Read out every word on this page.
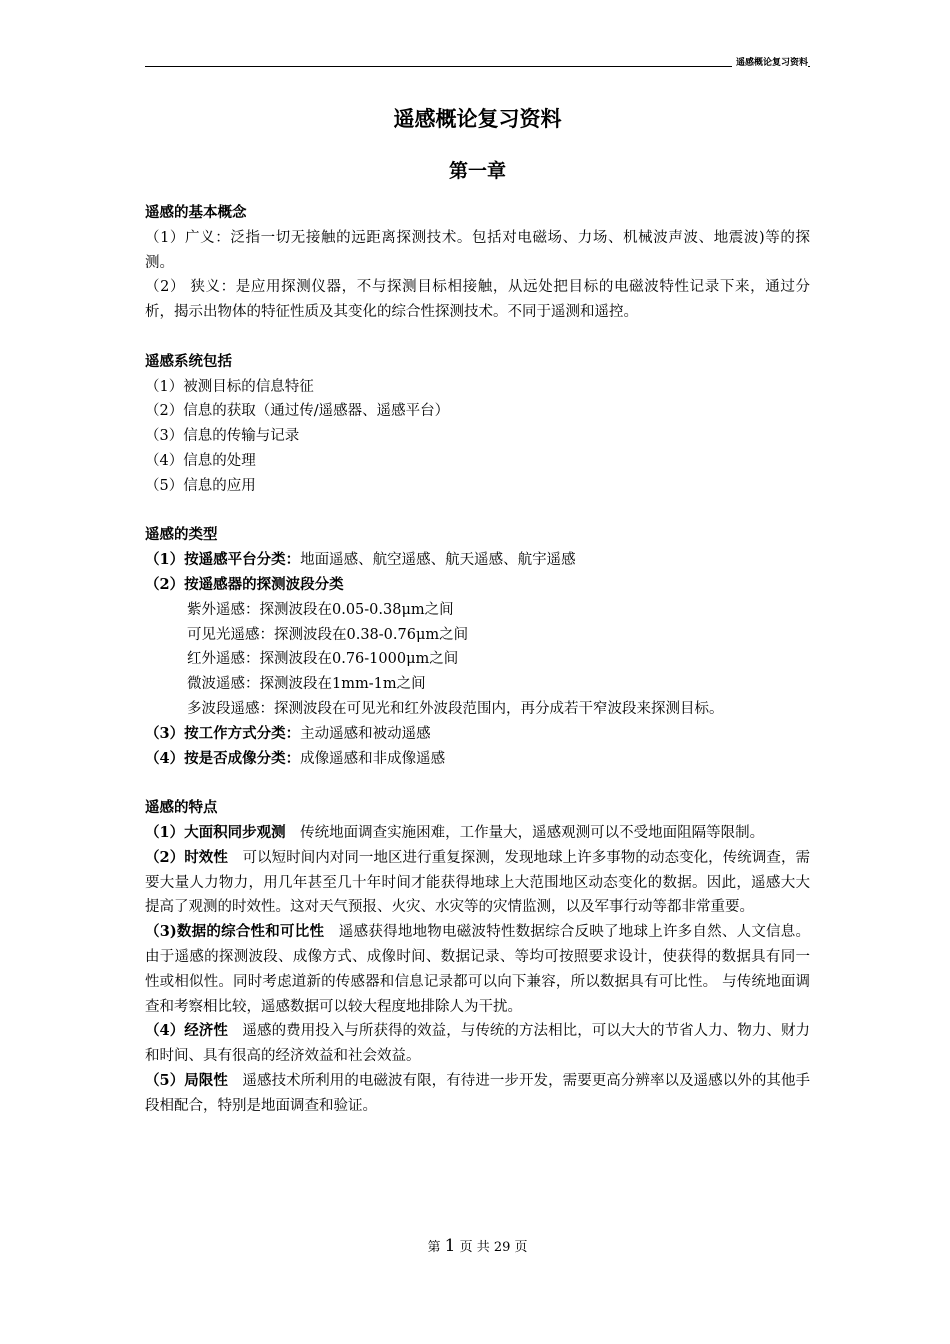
遥感概论复习资料
遥感概论复习资料
第一章

遥感的基本概念

（1）广义：泛指一切无接触的远距离探测技术。包括对电磁场、力场、机械波声波、地震波)等的探测。

（2） 狭义：是应用探测仪器，不与探测目标相接触，从远处把目标的电磁波特性记录下来，通过分析，揭示出物体的特征性质及其变化的综合性探测技术。不同于遥测和遥控。

遥感系统包括

（1）被测目标的信息特征

（2）信息的获取（通过传/遥感器、遥感平台）

（3）信息的传输与记录

（4）信息的处理

（5）信息的应用

遥感的类型

（1）按遥感平台分类：地面遥感、航空遥感、航天遥感、航宇遥感

（2）按遥感器的探测波段分类

紫外遥感：探测波段在0.05-0.38μm之间

可见光遥感：探测波段在0.38-0.76μm之间

红外遥感：探测波段在0.76-1000μm之间

微波遥感：探测波段在1mm-1m之间

多波段遥感：探测波段在可见光和红外波段范围内，再分成若干窄波段来探测目标。

（3）按工作方式分类：主动遥感和被动遥感

（4）按是否成像分类：成像遥感和非成像遥感

遥感的特点

（1）大面积同步观测　传统地面调查实施困难，工作量大，遥感观测可以不受地面阻隔等限制。

（2）时效性　可以短时间内对同一地区进行重复探测，发现地球上许多事物的动态变化，传统调查，需要大量人力物力，用几年甚至几十年时间才能获得地球上大范围地区动态变化的数据。因此，遥感大大提高了观测的时效性。这对天气预报、火灾、水灾等的灾情监测，以及军事行动等都非常重要。

（3)数据的综合性和可比性　遥感获得地地物电磁波特性数据综合反映了地球上许多自然、人文信息。由于遥感的探测波段、成像方式、成像时间、数据记录、等均可按照要求设计，使获得的数据具有同一性或相似性。同时考虑道新的传感器和信息记录都可以向下兼容，所以数据具有可比性。 与传统地面调查和考察相比较，遥感数据可以较大程度地排除人为干扰。

（4）经济性　遥感的费用投入与所获得的效益，与传统的方法相比，可以大大的节省人力、物力、财力和时间、具有很高的经济效益和社会效益。

（5）局限性　遥感技术所利用的电磁波有限，有待进一步开发，需要更高分辨率以及遥感以外的其他手段相配合，特别是地面调查和验证。

第 1 页 共 29 页
